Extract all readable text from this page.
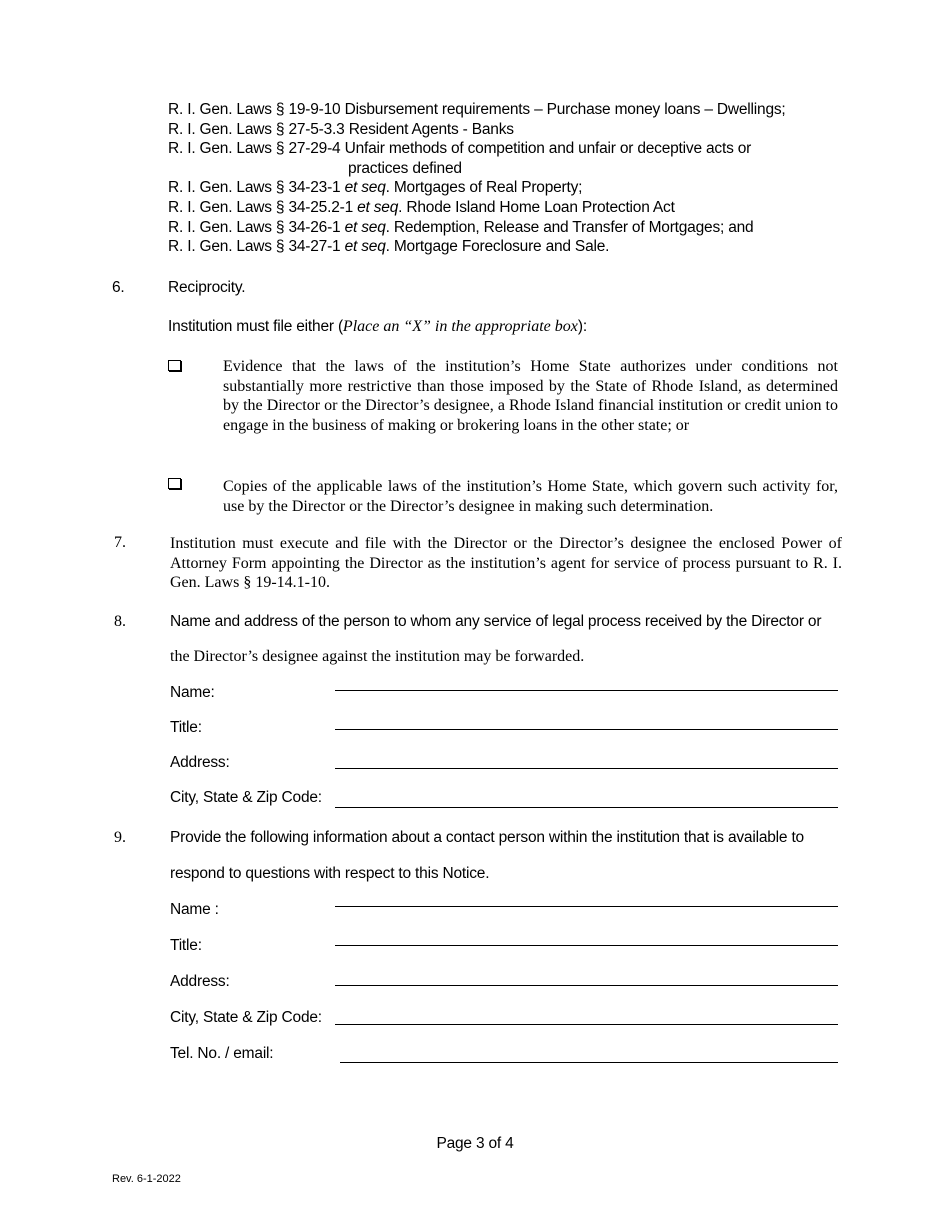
R. I. Gen. Laws § 19-9-10 Disbursement requirements – Purchase money loans – Dwellings;
R. I. Gen. Laws § 27-5-3.3 Resident Agents - Banks
R. I. Gen. Laws § 27-29-4 Unfair methods of competition and unfair or deceptive acts or
practices defined
R. I. Gen. Laws § 34-23-1 et seq. Mortgages of Real Property;
R. I. Gen. Laws § 34-25.2-1 et seq. Rhode Island Home Loan Protection Act
R. I. Gen. Laws § 34-26-1 et seq. Redemption, Release and Transfer of Mortgages; and
R. I. Gen. Laws § 34-27-1 et seq. Mortgage Foreclosure and Sale.
6.	Reciprocity.
Institution must file either (Place an “X” in the appropriate box):
Evidence that the laws of the institution’s Home State authorizes under conditions not substantially more restrictive than those imposed by the State of Rhode Island, as determined by the Director or the Director’s designee, a Rhode Island financial institution or credit union to engage in the business of making or brokering loans in the other state; or
Copies of the applicable laws of the institution’s Home State, which govern such activity for, use by the Director or the Director’s designee in making such determination.
7.	Institution must execute and file with the Director or the Director’s designee the enclosed Power of Attorney Form appointing the Director as the institution’s agent for service of process pursuant to R. I. Gen. Laws § 19-14.1-10.
8.	Name and address of the person to whom any service of legal process received by the Director or
the Director’s designee against the institution may be forwarded.
Name:
Title:
Address:
City, State & Zip Code:
9.	Provide the following information about a contact person within the institution that is available to
respond to questions with respect to this Notice.
Name :
Title:
Address:
City, State & Zip Code:
Tel. No. / email:
Page 3 of 4
Rev. 6-1-2022
